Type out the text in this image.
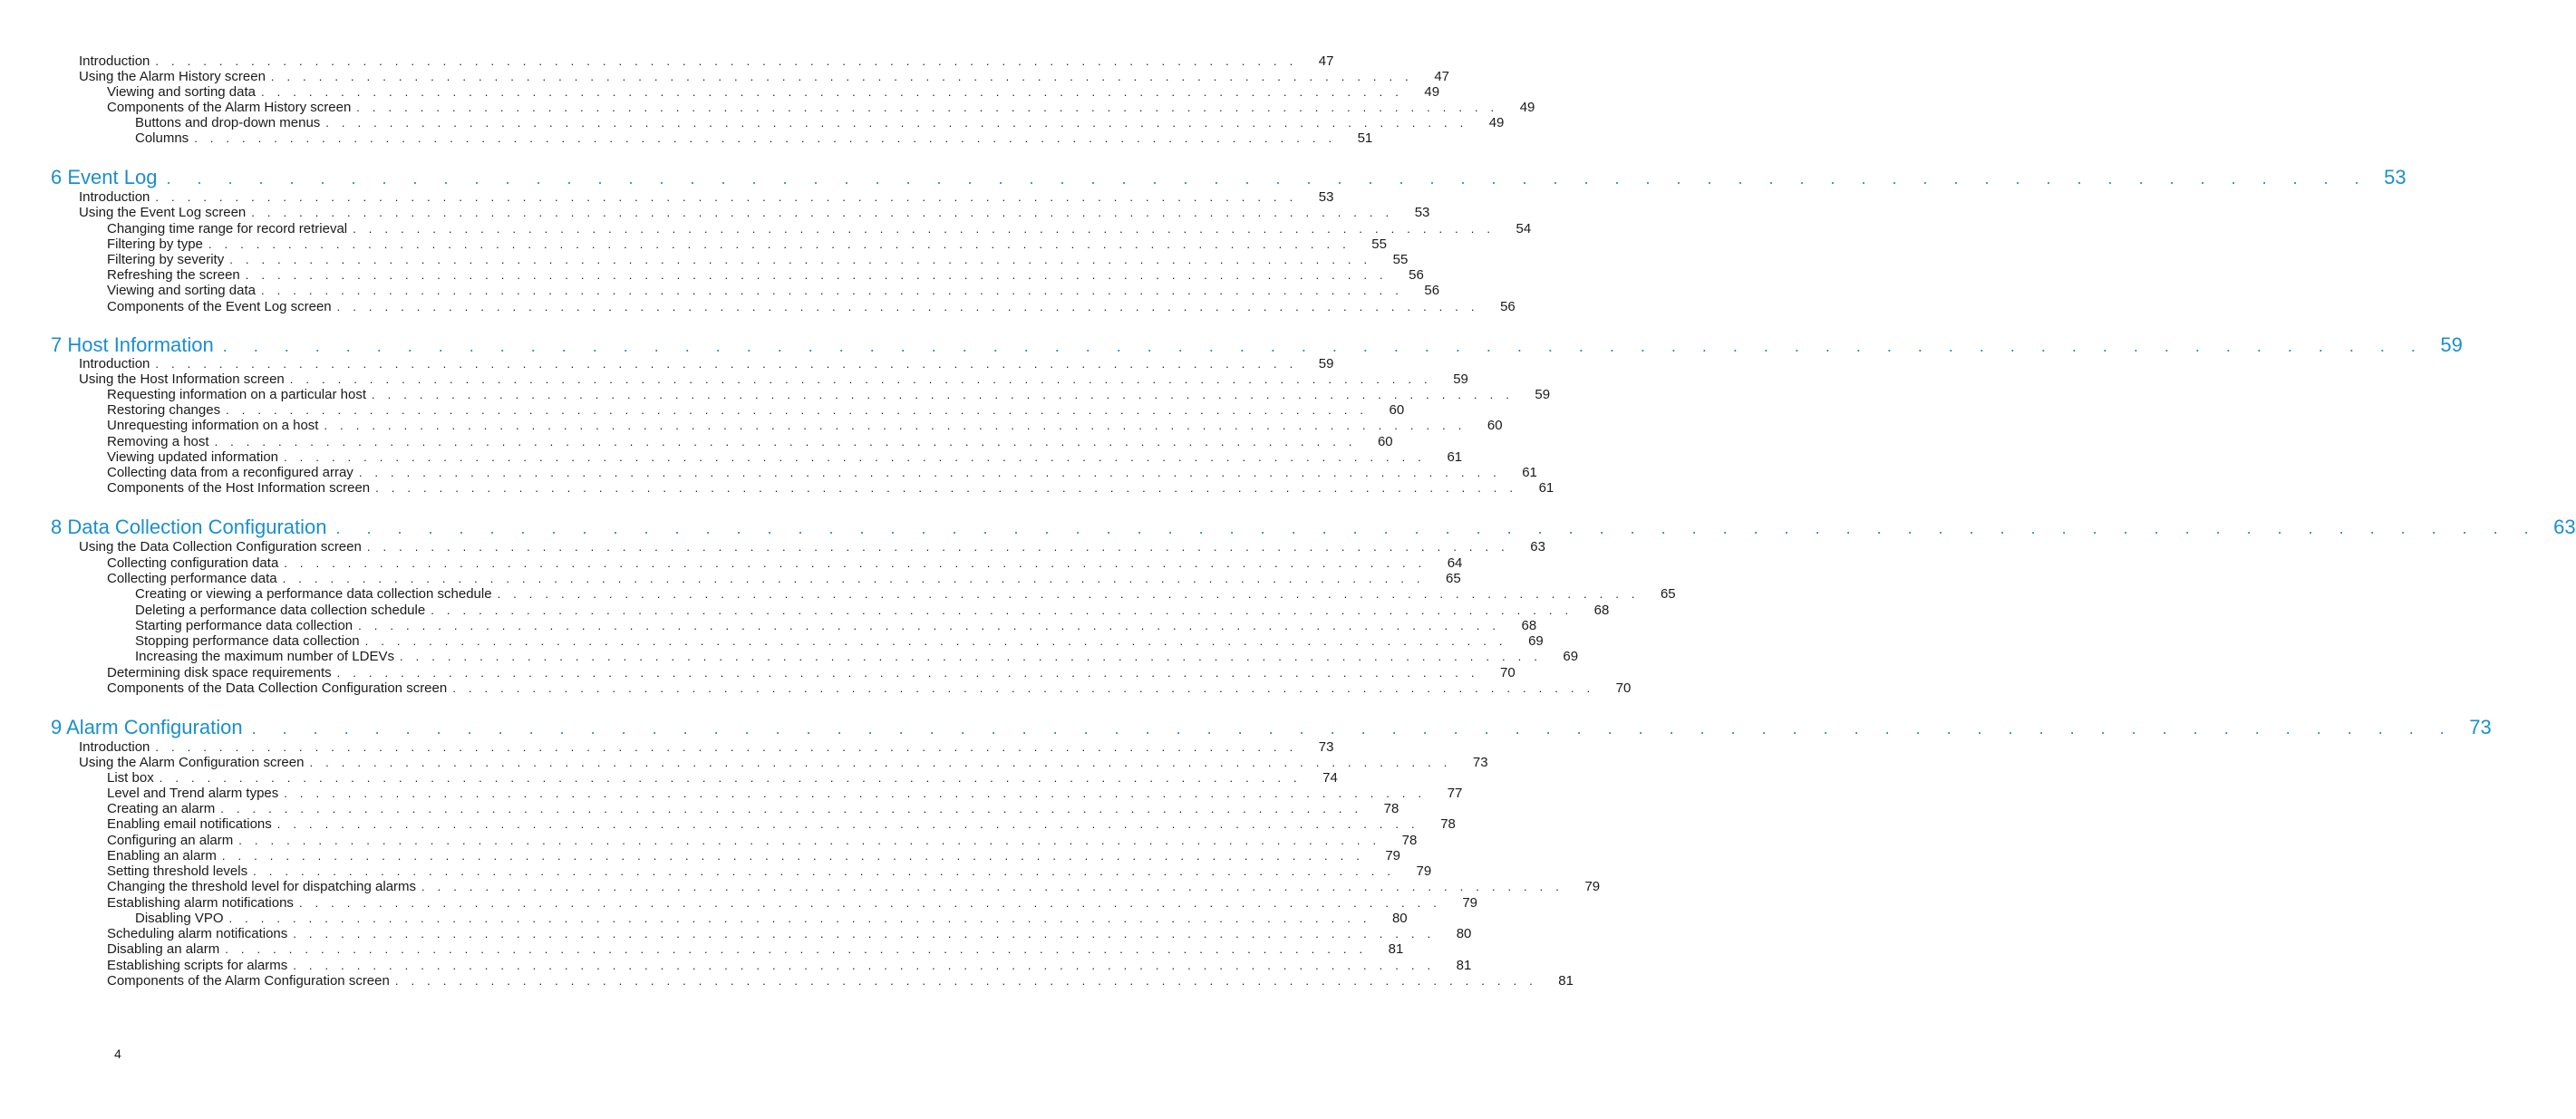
Introduction . . . . . . . . . . . . . . . . . . . . . . . . . . . . . . . . . . . . . . . . . . . . . . . . . . . . . . . . . . . . . . . . . . . . . . . .	47
Using the Alarm History screen . . . . . . . . . . . . . . . . . . . . . . . . . . . . . . . . . . . . . . . . . . . . . . . . . . . . . . . . . . . . . . . . . . . . . . . .	47
Viewing and sorting data . . . . . . . . . . . . . . . . . . . . . . . . . . . . . . . . . . . . . . . . . . . . . . . . . . . . . . . . . . . . . . . . . . . . . . . .	49
Components of the Alarm History screen . . . . . . . . . . . . . . . . . . . . . . . . . . . . . . . . . . . . . . . . . . . . . . . . . . . . . . . . . . . . . . . . . . . . . . . .	49
Buttons and drop-down menus . . . . . . . . . . . . . . . . . . . . . . . . . . . . . . . . . . . . . . . . . . . . . . . . . . . . . . . . . . . . . . . . . . . . . . . .	49
Columns . . . . . . . . . . . . . . . . . . . . . . . . . . . . . . . . . . . . . . . . . . . . . . . . . . . . . . . . . . . . . . . . . . . . . . . .	51
6 Event Log . . . . . . . . . . . . . . . . . . . . . . . . . . . . . . . . . . . . . . . . . . . . . . . . . . . . . . . . . . . . . . . . . . . . . . . . 53
Introduction . . . . . . . . . . . . . . . . . . . . . . . . . . . . . . . . . . . . . . . . . . . . . . . . . . . . . . . . . . . . . . . . . . . . . . . .	53
Using the Event Log screen . . . . . . . . . . . . . . . . . . . . . . . . . . . . . . . . . . . . . . . . . . . . . . . . . . . . . . . . . . . . . . . . . . . . . . . .	53
Changing time range for record retrieval . . . . . . . . . . . . . . . . . . . . . . . . . . . . . . . . . . . . . . . . . . . . . . . . . . . . . . . . . . . . . . . . . . . . . . . .	54
Filtering by type . . . . . . . . . . . . . . . . . . . . . . . . . . . . . . . . . . . . . . . . . . . . . . . . . . . . . . . . . . . . . . . . . . . . . . . .	55
Filtering by severity . . . . . . . . . . . . . . . . . . . . . . . . . . . . . . . . . . . . . . . . . . . . . . . . . . . . . . . . . . . . . . . . . . . . . . . .	55
Refreshing the screen . . . . . . . . . . . . . . . . . . . . . . . . . . . . . . . . . . . . . . . . . . . . . . . . . . . . . . . . . . . . . . . . . . . . . . . .	56
Viewing and sorting data . . . . . . . . . . . . . . . . . . . . . . . . . . . . . . . . . . . . . . . . . . . . . . . . . . . . . . . . . . . . . . . . . . . . . . . .	56
Components of the Event Log screen . . . . . . . . . . . . . . . . . . . . . . . . . . . . . . . . . . . . . . . . . . . . . . . . . . . . . . . . . . . . . . . . . . . . . . . .	56
7 Host Information . . . . . . . . . . . . . . . . . . . . . . . . . . . . . . . . . . . . . . . . . . . . . . . . . . . . . . . . . . . . . . . . . . . . . . . . 59
Introduction . . . . . . . . . . . . . . . . . . . . . . . . . . . . . . . . . . . . . . . . . . . . . . . . . . . . . . . . . . . . . . . . . . . . . . . .	59
Using the Host Information screen . . . . . . . . . . . . . . . . . . . . . . . . . . . . . . . . . . . . . . . . . . . . . . . . . . . . . . . . . . . . . . . . . . . . . . . .	59
Requesting information on a particular host . . . . . . . . . . . . . . . . . . . . . . . . . . . . . . . . . . . . . . . . . . . . . . . . . . . . . . . . . . . . . . . . . . . . . . . .	59
Restoring changes . . . . . . . . . . . . . . . . . . . . . . . . . . . . . . . . . . . . . . . . . . . . . . . . . . . . . . . . . . . . . . . . . . . . . . . .	60
Unrequesting information on a host . . . . . . . . . . . . . . . . . . . . . . . . . . . . . . . . . . . . . . . . . . . . . . . . . . . . . . . . . . . . . . . . . . . . . . . .	60
Removing a host . . . . . . . . . . . . . . . . . . . . . . . . . . . . . . . . . . . . . . . . . . . . . . . . . . . . . . . . . . . . . . . . . . . . . . . .	60
Viewing updated information . . . . . . . . . . . . . . . . . . . . . . . . . . . . . . . . . . . . . . . . . . . . . . . . . . . . . . . . . . . . . . . . . . . . . . . .	61
Collecting data from a reconfigured array . . . . . . . . . . . . . . . . . . . . . . . . . . . . . . . . . . . . . . . . . . . . . . . . . . . . . . . . . . . . . . . . . . . . . . . .	61
Components of the Host Information screen . . . . . . . . . . . . . . . . . . . . . . . . . . . . . . . . . . . . . . . . . . . . . . . . . . . . . . . . . . . . . . . . . . . . . . . .	61
8 Data Collection Configuration . . . . . . . . . . . . . . . . . . . . . . . . . . . . . . . . . . . . . . . . . . . . . . . . . . . . . . . . . . . . . . . . . . . . . . . . 63
Using the Data Collection Configuration screen . . . . . . . . . . . . . . . . . . . . . . . . . . . . . . . . . . . . . . . . . . . . . . . . . . . . . . . . . . . . . . . . . . . . . . . .	63
Collecting configuration data . . . . . . . . . . . . . . . . . . . . . . . . . . . . . . . . . . . . . . . . . . . . . . . . . . . . . . . . . . . . . . . . . . . . . . . .	64
Collecting performance data . . . . . . . . . . . . . . . . . . . . . . . . . . . . . . . . . . . . . . . . . . . . . . . . . . . . . . . . . . . . . . . . . . . . . . . .	65
Creating or viewing a performance data collection schedule . . . . . . . . . . . . . . . . . . . . . . . . . . . . . . . . . . . . . . . . . . . . . . . . . . . . . . . . . . . . . . . . . . . . . . . .	65
Deleting a performance data collection schedule . . . . . . . . . . . . . . . . . . . . . . . . . . . . . . . . . . . . . . . . . . . . . . . . . . . . . . . . . . . . . . . . . . . . . . . .	68
Starting performance data collection . . . . . . . . . . . . . . . . . . . . . . . . . . . . . . . . . . . . . . . . . . . . . . . . . . . . . . . . . . . . . . . . . . . . . . . .	68
Stopping performance data collection . . . . . . . . . . . . . . . . . . . . . . . . . . . . . . . . . . . . . . . . . . . . . . . . . . . . . . . . . . . . . . . . . . . . . . . .	69
Increasing the maximum number of LDEVs . . . . . . . . . . . . . . . . . . . . . . . . . . . . . . . . . . . . . . . . . . . . . . . . . . . . . . . . . . . . . . . . . . . . . . . .	69
Determining disk space requirements . . . . . . . . . . . . . . . . . . . . . . . . . . . . . . . . . . . . . . . . . . . . . . . . . . . . . . . . . . . . . . . . . . . . . . . .	70
Components of the Data Collection Configuration screen . . . . . . . . . . . . . . . . . . . . . . . . . . . . . . . . . . . . . . . . . . . . . . . . . . . . . . . . . . . . . . . . . . . . . . . .	70
9 Alarm Configuration . . . . . . . . . . . . . . . . . . . . . . . . . . . . . . . . . . . . . . . . . . . . . . . . . . . . . . . . . . . . . . . . . . . . . . . . 73
Introduction . . . . . . . . . . . . . . . . . . . . . . . . . . . . . . . . . . . . . . . . . . . . . . . . . . . . . . . . . . . . . . . . . . . . . . . .	73
Using the Alarm Configuration screen . . . . . . . . . . . . . . . . . . . . . . . . . . . . . . . . . . . . . . . . . . . . . . . . . . . . . . . . . . . . . . . . . . . . . . . .	73
List box . . . . . . . . . . . . . . . . . . . . . . . . . . . . . . . . . . . . . . . . . . . . . . . . . . . . . . . . . . . . . . . . . . . . . . . .	74
Level and Trend alarm types . . . . . . . . . . . . . . . . . . . . . . . . . . . . . . . . . . . . . . . . . . . . . . . . . . . . . . . . . . . . . . . . . . . . . . . .	77
Creating an alarm . . . . . . . . . . . . . . . . . . . . . . . . . . . . . . . . . . . . . . . . . . . . . . . . . . . . . . . . . . . . . . . . . . . . . . . .	78
Enabling email notifications . . . . . . . . . . . . . . . . . . . . . . . . . . . . . . . . . . . . . . . . . . . . . . . . . . . . . . . . . . . . . . . . . . . . . . . .	78
Configuring an alarm . . . . . . . . . . . . . . . . . . . . . . . . . . . . . . . . . . . . . . . . . . . . . . . . . . . . . . . . . . . . . . . . . . . . . . . .	78
Enabling an alarm . . . . . . . . . . . . . . . . . . . . . . . . . . . . . . . . . . . . . . . . . . . . . . . . . . . . . . . . . . . . . . . . . . . . . . . .	79
Setting threshold levels . . . . . . . . . . . . . . . . . . . . . . . . . . . . . . . . . . . . . . . . . . . . . . . . . . . . . . . . . . . . . . . . . . . . . . . .	79
Changing the threshold level for dispatching alarms . . . . . . . . . . . . . . . . . . . . . . . . . . . . . . . . . . . . . . . . . . . . . . . . . . . . . . . . . . . . . . . . . . . . . . . .	79
Establishing alarm notifications . . . . . . . . . . . . . . . . . . . . . . . . . . . . . . . . . . . . . . . . . . . . . . . . . . . . . . . . . . . . . . . . . . . . . . . .	79
Disabling VPO . . . . . . . . . . . . . . . . . . . . . . . . . . . . . . . . . . . . . . . . . . . . . . . . . . . . . . . . . . . . . . . . . . . . . . . .	80
Scheduling alarm notifications . . . . . . . . . . . . . . . . . . . . . . . . . . . . . . . . . . . . . . . . . . . . . . . . . . . . . . . . . . . . . . . . . . . . . . . .	80
Disabling an alarm . . . . . . . . . . . . . . . . . . . . . . . . . . . . . . . . . . . . . . . . . . . . . . . . . . . . . . . . . . . . . . . . . . . . . . . .	81
Establishing scripts for alarms . . . . . . . . . . . . . . . . . . . . . . . . . . . . . . . . . . . . . . . . . . . . . . . . . . . . . . . . . . . . . . . . . . . . . . . .	81
Components of the Alarm Configuration screen . . . . . . . . . . . . . . . . . . . . . . . . . . . . . . . . . . . . . . . . . . . . . . . . . . . . . . . . . . . . . . . . . . . . . . . .	81
4
